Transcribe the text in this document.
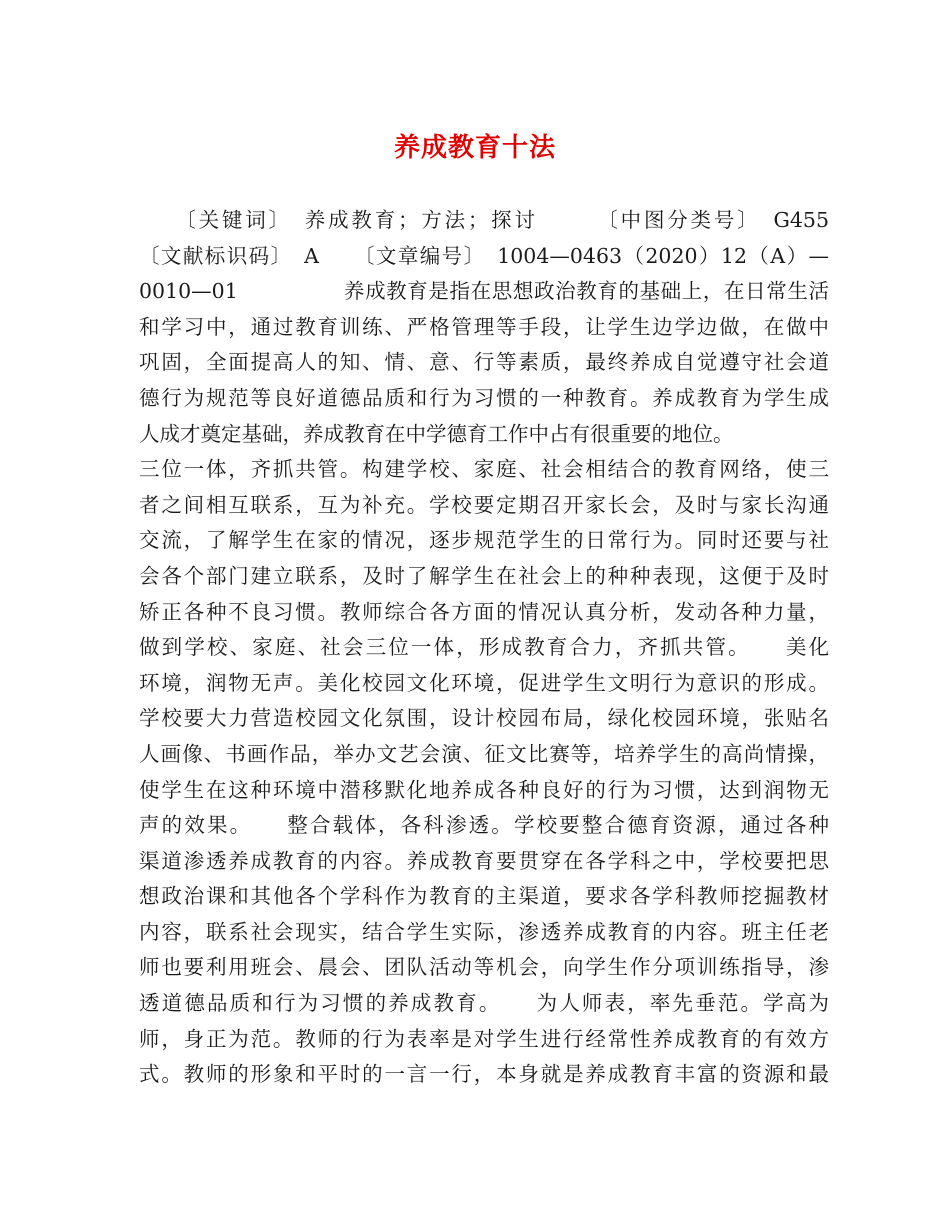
养成教育十法
　　〔关键词〕　养成教育；方法；探讨　　　〔中图分类号〕　G455
〔文献标识码〕　A　　〔文章编号〕　1004—0463（2020）12（A）—
0010—01　　　　　养成教育是指在思想政治教育的基础上，在日常生活
和学习中，通过教育训练、严格管理等手段，让学生边学边做，在做中
巩固，全面提高人的知、情、意、行等素质，最终养成自觉遵守社会道
德行为规范等良好道德品质和行为习惯的一种教育。养成教育为学生成
人成才奠定基础，养成教育在中学德育工作中占有很重要的地位。
三位一体，齐抓共管。构建学校、家庭、社会相结合的教育网络，使三
者之间相互联系，互为补充。学校要定期召开家长会，及时与家长沟通
交流，了解学生在家的情况，逐步规范学生的日常行为。同时还要与社
会各个部门建立联系，及时了解学生在社会上的种种表现，这便于及时
矫正各种不良习惯。教师综合各方面的情况认真分析，发动各种力量，
做到学校、家庭、社会三位一体，形成教育合力，齐抓共管。　　美化
环境，润物无声。美化校园文化环境，促进学生文明行为意识的形成。
学校要大力营造校园文化氛围，设计校园布局，绿化校园环境，张贴名
人画像、书画作品，举办文艺会演、征文比赛等，培养学生的高尚情操，
使学生在这种环境中潜移默化地养成各种良好的行为习惯，达到润物无
声的效果。　　整合载体，各科渗透。学校要整合德育资源，通过各种
渠道渗透养成教育的内容。养成教育要贯穿在各学科之中，学校要把思
想政治课和其他各个学科作为教育的主渠道，要求各学科教师挖掘教材
内容，联系社会现实，结合学生实际，渗透养成教育的内容。班主任老
师也要利用班会、晨会、团队活动等机会，向学生作分项训练指导，渗
透道德品质和行为习惯的养成教育。　　为人师表，率先垂范。学高为
师，身正为范。教师的行为表率是对学生进行经常性养成教育的有效方
式。教师的形象和平时的一言一行，本身就是养成教育丰富的资源和最
